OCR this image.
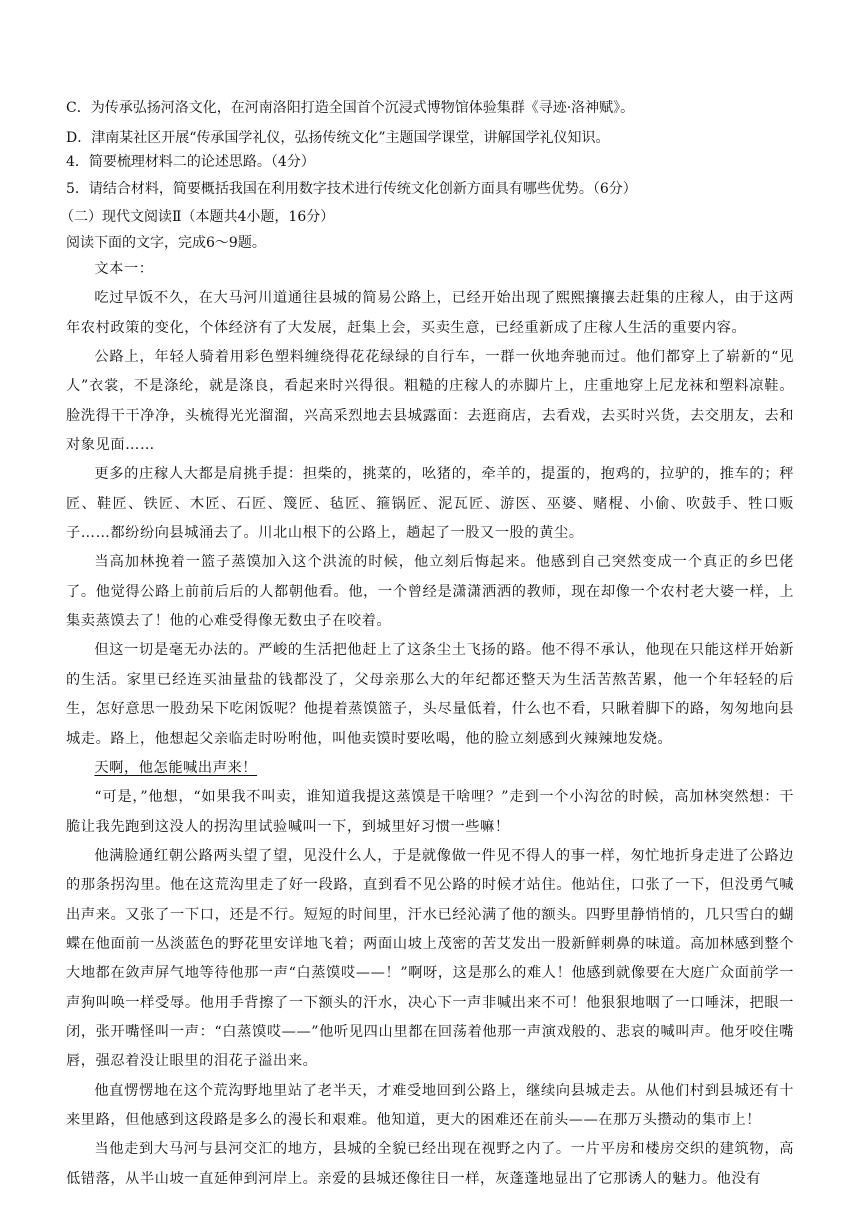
C．为传承弘扬河洛文化，在河南洛阳打造全国首个沉浸式博物馆体验集群《寻迹·洛神赋》。
D．津南某社区开展“传承国学礼仪，弘扬传统文化”主题国学课堂，讲解国学礼仪知识。
4．简要梳理材料二的论述思路。（4分）
5．请结合材料，简要概括我国在利用数字技术进行传统文化创新方面具有哪些优势。（6分）
（二）现代文阅读Ⅱ（本题共4小题，16分）
阅读下面的文字，完成6～9题。

文本一：

吃过早饭不久，在大马河川道通往县城的简易公路上，已经开始出现了熙熙攘攘去赶集的庄稼人，由于这两年农村政策的变化，个体经济有了大发展，赶集上会，买卖生意，已经重新成了庄稼人生活的重要内容。

公路上，年轻人骑着用彩色塑料缠绕得花花绿绿的自行车，一群一伙地奔驰而过。他们都穿上了崭新的“见人”衣裳，不是涤纶，就是涤良，看起来时兴得很。粗糙的庄稼人的赤脚片上，庄重地穿上尼龙袜和塑料凉鞋。脸洗得干干净净，头梳得光光溜溜，兴高采烈地去县城露面：去逛商店，去看戏，去买时兴货，去交朋友，去和对象见面……

更多的庄稼人大都是肩挑手提：担柴的，挑菜的，吆猪的，牵羊的，提蛋的，抱鸡的，拉驴的，推车的；秤匠、鞋匠、铁匠、木匠、石匠、篾匠、毡匠、箍锅匠、泥瓦匠、游医、巫婆、赌棍、小偷、吹鼓手、牲口贩子……都纷纷向县城涌去了。川北山根下的公路上，趟起了一股又一股的黄尘。

当高加林挽着一篮子蒸馍加入这个洪流的时候，他立刻后悔起来。他感到自己突然变成一个真正的乡巴佬了。他觉得公路上前前后后的人都朝他看。他，一个曾经是潇潇洒洒的教师，现在却像一个农村老大婆一样，上集卖蒸馍去了！他的心难受得像无数虫子在咬着。

但这一切是毫无办法的。严峻的生活把他赶上了这条尘土飞扬的路。他不得不承认，他现在只能这样开始新的生活。家里已经连买油量盐的钱都没了，父母亲那么大的年纪都还整天为生活苦熬苦累，他一个年轻轻的后生，怎好意思一股劲呆下吃闲饭呢？他提着蒸馍篮子，头尽量低着，什么也不看，只瞅着脚下的路，匆匆地向县城走。路上，他想起父亲临走时吩咐他，叫他卖馍时要吆喝，他的脸立刻感到火辣辣地发烧。

天啊，他怎能喊出声来！

“可是，”他想，“如果我不叫卖，谁知道我提这蒸馍是干啥哩？”走到一个小沟岔的时候，高加林突然想：干脆让我先跑到这没人的拐沟里试验喊叫一下，到城里好习惯一些嘛！

他满脸通红朝公路两头望了望，见没什么人，于是就像做一件见不得人的事一样，匆忙地折身走进了公路边的那条拐沟里。他在这荒沟里走了好一段路，直到看不见公路的时候才站住。他站住，口张了一下，但没勇气喊出声来。又张了一下口，还是不行。短短的时间里，汗水已经沁满了他的额头。四野里静悄悄的，几只雪白的蝴蝶在他面前一丛淡蓝色的野花里安详地飞着；两面山坡上茂密的苦艾发出一股新鲜刺鼻的味道。高加林感到整个大地都在敛声屏气地等待他那一声“白蒸馍哎——！”啊呀，这是那么的难人！他感到就像要在大庭广众面前学一声狗叫唤一样受辱。他用手背擦了一下额头的汗水，决心下一声非喊出来不可！他狠狠地咽了一口唾沫，把眼一闭，张开嘴怪叫一声：“白蒸馍哎——”他听见四山里都在回荡着他那一声演戏般的、悲哀的喊叫声。他牙咬住嘴唇，强忍着没让眼里的泪花子溢出来。

他直愣愣地在这个荒沟野地里站了老半天，才难受地回到公路上，继续向县城走去。从他们村到县城还有十来里路，但他感到这段路是多么的漫长和艰难。他知道，更大的困难还在前头——在那万头攒动的集市上！

当他走到大马河与县河交汇的地方，县城的全貌已经出现在视野之内了。一片平房和楼房交织的建筑物，高低错落，从半山坡一直延伸到河岸上。亲爱的县城还像往日一样，灰蓬蓬地显出了它那诱人的魅力。他没有
